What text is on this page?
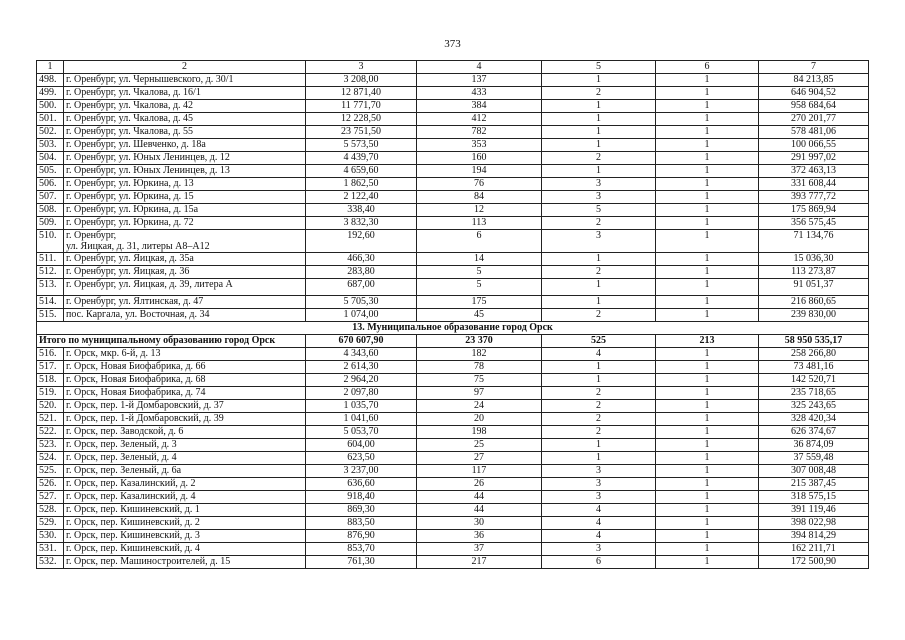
373
1	2	3	4	5	6	7
498.	г. Оренбург, ул. Чернышевского, д. 30/1	3 208,00	137	1	1	84 213,85
499.	г. Оренбург, ул. Чкалова, д. 16/1	12 871,40	433	2	1	646 904,52
500.	г. Оренбург, ул. Чкалова, д. 42	11 771,70	384	1	1	958 684,64
501.	г. Оренбург, ул. Чкалова, д. 45	12 228,50	412	1	1	270 201,77
502.	г. Оренбург, ул. Чкалова, д. 55	23 751,50	782	1	1	578 481,06
503.	г. Оренбург, ул. Шевченко, д. 18а	5 573,50	353	1	1	100 066,55
504.	г. Оренбург, ул. Юных Ленинцев, д. 12	4 439,70	160	2	1	291 997,02
505.	г. Оренбург, ул. Юных Ленинцев, д. 13	4 659,60	194	1	1	372 463,13
506.	г. Оренбург, ул. Юркина, д. 13	1 862,50	76	3	1	331 608,44
507.	г. Оренбург, ул. Юркина, д. 15	2 122,40	84	3	1	393 777,72
508.	г. Оренбург, ул. Юркина, д. 15а	338,40	12	5	1	175 869,94
509.	г. Оренбург, ул. Юркина, д. 72	3 832,30	113	2	1	356 575,45
510.	г. Оренбург,
ул. Яицкая, д. 31, литеры А8–А12	192,60	6	3	1	71 134,76
511.	г. Оренбург, ул. Яицкая, д. 35а	466,30	14	1	1	15 036,30
512.	г. Оренбург, ул. Яицкая, д. 36	283,80	5	2	1	113 273,87
513.	г. Оренбург, ул. Яицкая, д. 39, литера А	687,00	5	1	1	91 051,37
514.	г. Оренбург, ул. Ялтинская, д. 47	5 705,30	175	1	1	216 860,65
515.	пос. Каргала, ул. Восточная, д. 34	1 074,00	45	2	1	239 830,00
13. Муниципальное образование город Орск						
Итого по муниципальному образованию город Орск		670 607,90	23 370	525	213	58 950 535,17
516.	г. Орск, мкр. 6-й, д. 13	4 343,60	182	4	1	258 266,80
517.	г. Орск, Новая Биофабрика, д. 66	2 614,30	78	1	1	73 481,16
518.	г. Орск, Новая Биофабрика, д. 68	2 964,20	75	1	1	142 520,71
519.	г. Орск, Новая Биофабрика, д. 74	2 097,80	97	2	1	235 718,65
520.	г. Орск, пер. 1-й Домбаровский, д. 37	1 035,70	24	2	1	325 243,65
521.	г. Орск, пер. 1-й Домбаровский, д. 39	1 041,60	20	2	1	328 420,34
522.	г. Орск, пер. Заводской, д. 6	5 053,70	198	2	1	626 374,67
523.	г. Орск, пер. Зеленый, д. 3	604,00	25	1	1	36 874,09
524.	г. Орск, пер. Зеленый, д. 4	623,50	27	1	1	37 559,48
525.	г. Орск, пер. Зеленый, д. 6а	3 237,00	117	3	1	307 008,48
526.	г. Орск, пер. Казалинский, д. 2	636,60	26	3	1	215 387,45
527.	г. Орск, пер. Казалинский, д. 4	918,40	44	3	1	318 575,15
528.	г. Орск, пер. Кишиневский, д. 1	869,30	44	4	1	391 119,46
529.	г. Орск, пер. Кишиневский, д. 2	883,50	30	4	1	398 022,98
530.	г. Орск, пер. Кишиневский, д. 3	876,90	36	4	1	394 814,29
531.	г. Орск, пер. Кишиневский, д. 4	853,70	37	3	1	162 211,71
532.	г. Орск, пер. Машиностроителей, д. 15	761,30	217	6	1	172 500,90
